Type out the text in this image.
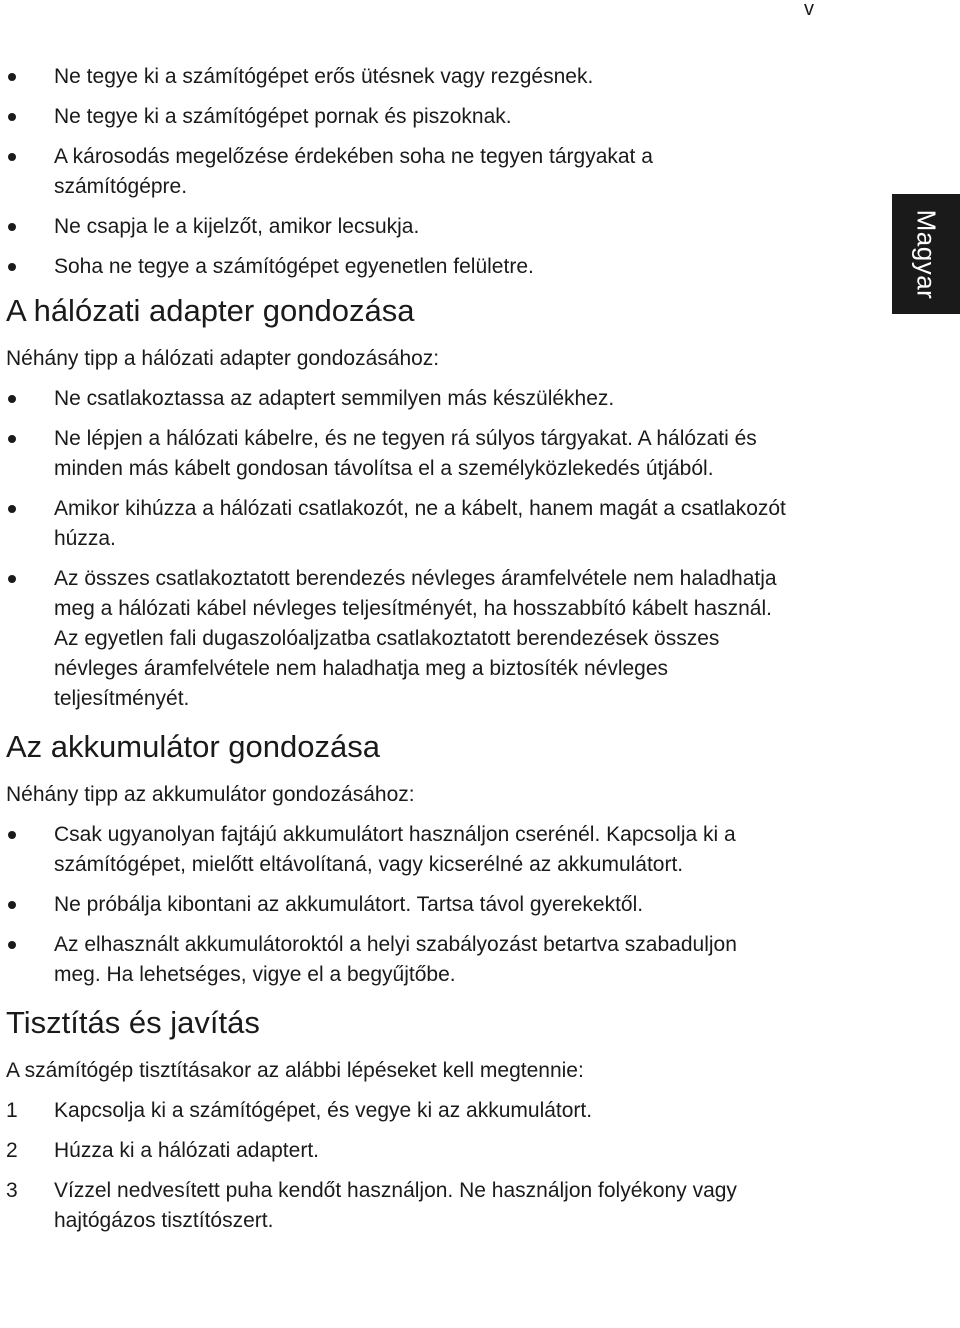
v
Magyar
Ne tegye ki a számítógépet erős ütésnek vagy rezgésnek.
Ne tegye ki a számítógépet pornak és piszoknak.
A károsodás megelőzése érdekében soha ne tegyen tárgyakat a számítógépre.
Ne csapja le a kijelzőt, amikor lecsukja.
Soha ne tegye a számítógépet egyenetlen felületre.
A hálózati adapter gondozása

Néhány tipp a hálózati adapter gondozásához:

Ne csatlakoztassa az adaptert semmilyen más készülékhez.
Ne lépjen a hálózati kábelre, és ne tegyen rá súlyos tárgyakat. A hálózati és minden más kábelt gondosan távolítsa el a személyközlekedés útjából.
Amikor kihúzza a hálózati csatlakozót, ne a kábelt, hanem magát a csatlakozót húzza.
Az összes csatlakoztatott berendezés névleges áramfelvétele nem haladhatja meg a hálózati kábel névleges teljesítményét, ha hosszabbító kábelt használ. Az egyetlen fali dugaszolóaljzatba csatlakoztatott berendezések összes névleges áramfelvétele nem haladhatja meg a biztosíték névleges teljesítményét.
Az akkumulátor gondozása

Néhány tipp az akkumulátor gondozásához:

Csak ugyanolyan fajtájú akkumulátort használjon cserénél. Kapcsolja ki a számítógépet, mielőtt eltávolítaná, vagy kicserélné az akkumulátort.
Ne próbálja kibontani az akkumulátort. Tartsa távol gyerekektől.
Az elhasznált akkumulátoroktól a helyi szabályozást betartva szabaduljon meg. Ha lehetséges, vigye el a begyűjtőbe.
Tisztítás és javítás

A számítógép tisztításakor az alábbi lépéseket kell megtennie:

1 Kapcsolja ki a számítógépet, és vegye ki az akkumulátort.
2 Húzza ki a hálózati adaptert.
3 Vízzel nedvesített puha kendőt használjon. Ne használjon folyékony vagy hajtógázos tisztítószert.
